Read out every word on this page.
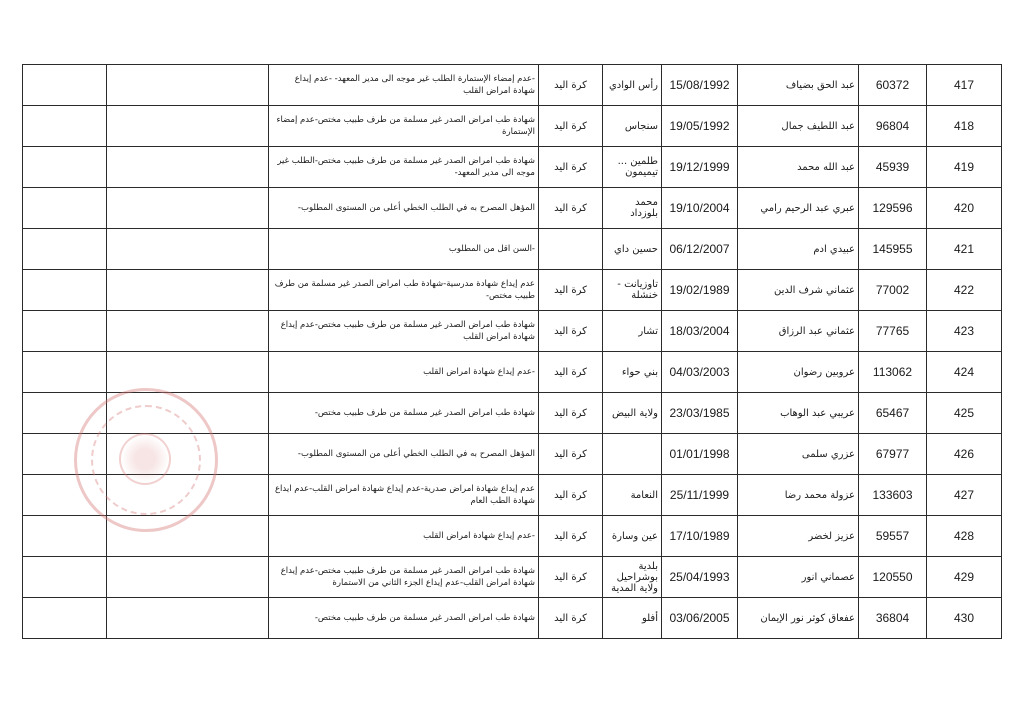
		-عدم إمضاء الإستمارة الطلب غير موجه الى مدير المعهد- -عدم إيداع شهادة امراض القلب	كرة اليد	رأس الوادي	15/08/1992	عبد الحق بضياف	60372	417
		شهادة طب امراض الصدر غير مسلمة من طرف طبيب مختص-عدم إمضاء الإستمارة	كرة اليد	سنجاس	19/05/1992	عبد اللطيف جمال	96804	418
		شهادة طب امراض الصدر غير مسلمة من طرف طبيب مختص-الطلب غير موجه الى مدير المعهد-	كرة اليد	طلمين ... تيميمون	19/12/1999	عبد الله محمد	45939	419
		المؤهل المصرح به في الطلب الخطي أعلى من المستوى المطلوب-	كرة اليد	محمد بلوزداد	19/10/2004	عبري عبد الرحيم رامي	129596	420
		-السن اقل من المطلوب		حسين داي	06/12/2007	عبيدي ادم	145955	421
		عدم إيداع شهادة مدرسية-شهادة طب امراض الصدر غير مسلمة من طرف طبيب مختص-	كرة اليد	تاوزيانت - خنشلة	19/02/1989	عثماني شرف الدين	77002	422
		شهادة طب امراض الصدر غير مسلمة من طرف طبيب مختص-عدم إيداع شهادة امراض القلب	كرة اليد	تشار	18/03/2004	عثماني عبد الرزاق	77765	423
		-عدم إيداع شهادة امراض القلب	كرة اليد	بني حواء	04/03/2003	عروبين رضوان	113062	424
		شهادة طب امراض الصدر غير مسلمة من طرف طبيب مختص-	كرة اليد	ولاية البيض	23/03/1985	عريبي عبد الوهاب	65467	425
		المؤهل المصرح به في الطلب الخطي أعلى من المستوى المطلوب-	كرة اليد		01/01/1998	عزري سلمى	67977	426
		عدم إيداع شهادة امراض صدرية-عدم إيداع شهادة امراض القلب-عدم ايداع شهادة الطب العام	كرة اليد	النعامة	25/11/1999	عزولة محمد رضا	133603	427
		-عدم إيداع شهادة امراض القلب	كرة اليد	عين وسارة	17/10/1989	عزيز لخضر	59557	428
		شهادة طب امراض الصدر غير مسلمة من طرف طبيب مختص-عدم إيداع شهادة امراض القلب-عدم إيداع الجزء الثاني من الاستمارة	كرة اليد	بلدية بوشراحيل ولاية المدية	25/04/1993	عصماني انور	120550	429
		شهادة طب امراض الصدر غير مسلمة من طرف طبيب مختص-	كرة اليد	أفلو	03/06/2005	عفعاق كوثر نور الإيمان	36804	430
